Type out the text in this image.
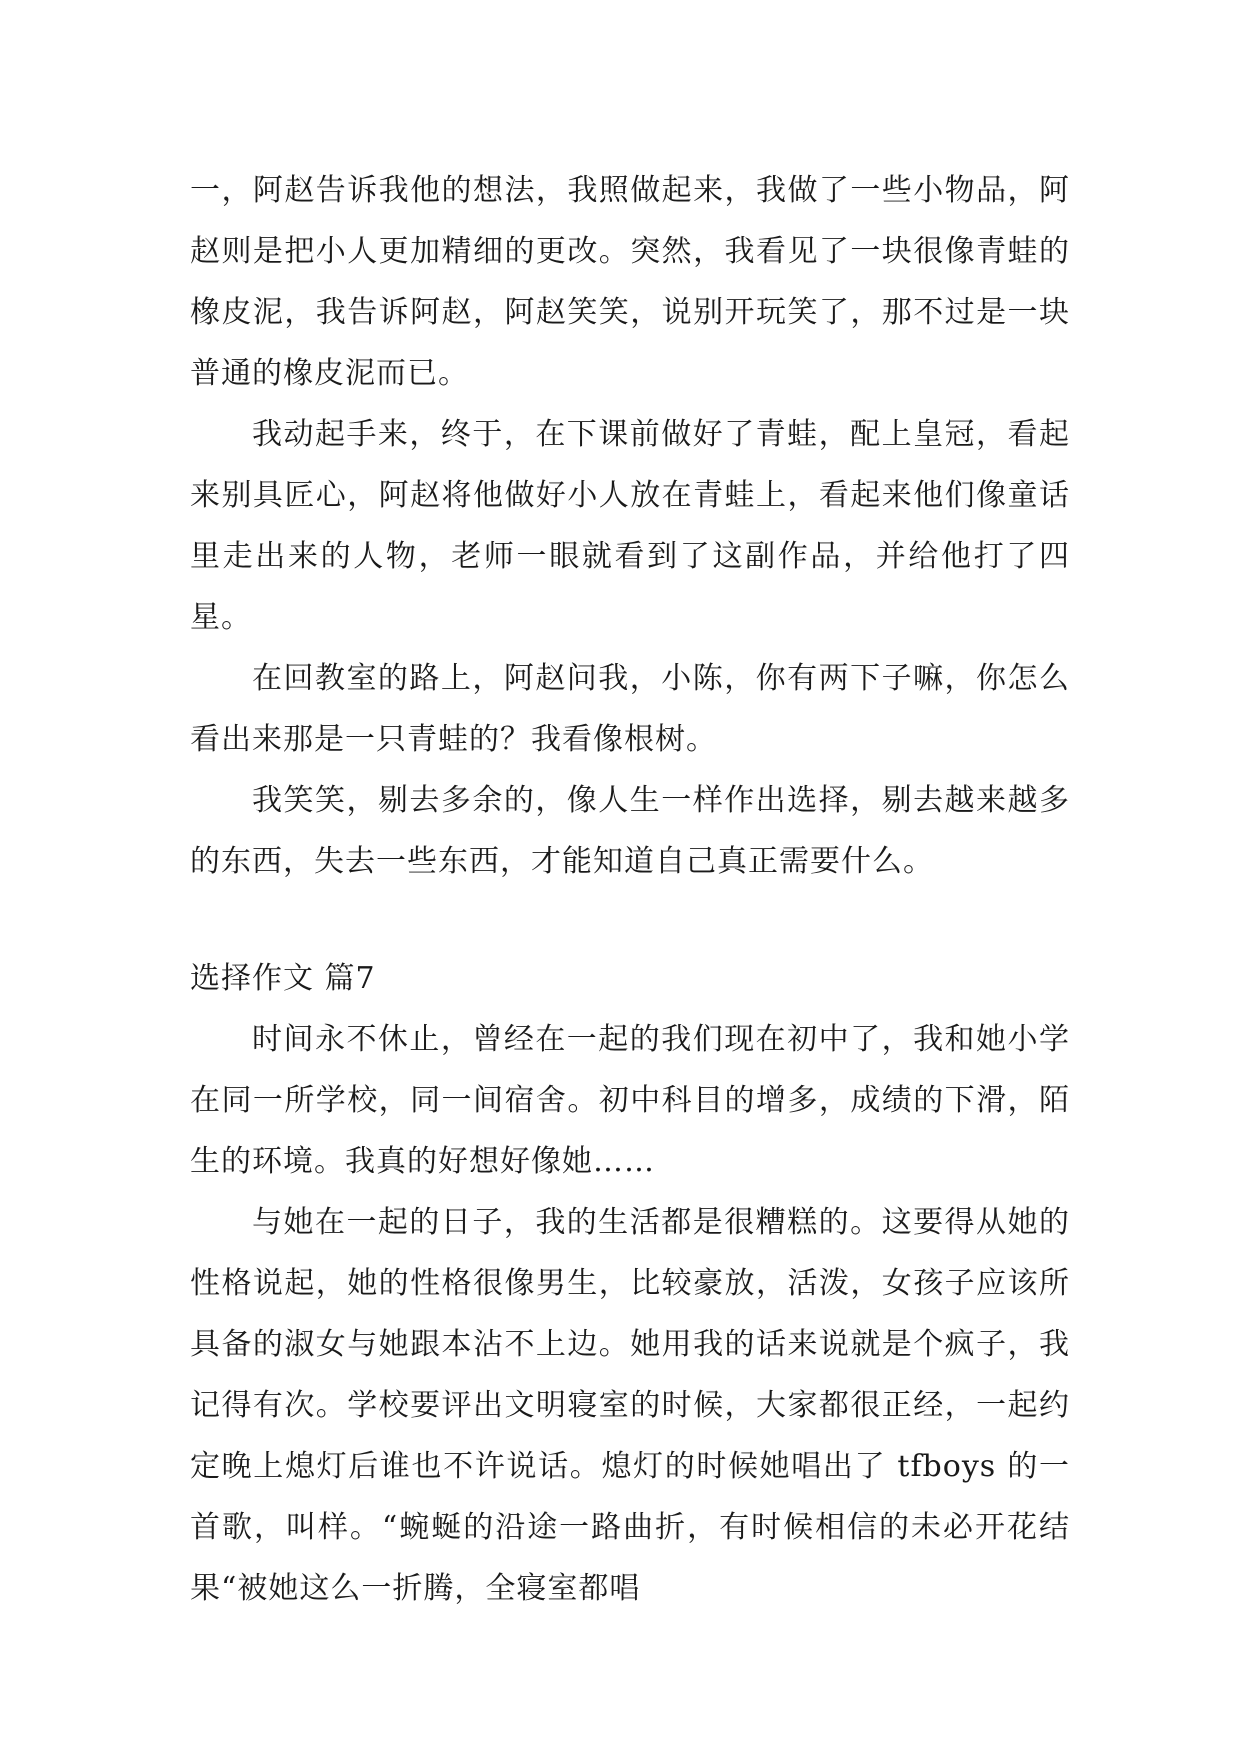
一，阿赵告诉我他的想法，我照做起来，我做了一些小物品，阿赵则是把小人更加精细的更改。突然，我看见了一块很像青蛙的橡皮泥，我告诉阿赵，阿赵笑笑，说别开玩笑了，那不过是一块普通的橡皮泥而已。

我动起手来，终于，在下课前做好了青蛙，配上皇冠，看起来别具匠心，阿赵将他做好小人放在青蛙上，看起来他们像童话里走出来的人物，老师一眼就看到了这副作品，并给他打了四星。

在回教室的路上，阿赵问我，小陈，你有两下子嘛，你怎么看出来那是一只青蛙的？我看像根树。

我笑笑，剔去多余的，像人生一样作出选择，剔去越来越多的东西，失去一些东西，才能知道自己真正需要什么。

选择作文 篇7

时间永不休止，曾经在一起的我们现在初中了，我和她小学在同一所学校，同一间宿舍。初中科目的增多，成绩的下滑，陌生的环境。我真的好想好像她……

与她在一起的日子，我的生活都是很糟糕的。这要得从她的性格说起，她的性格很像男生，比较豪放，活泼，女孩子应该所具备的淑女与她跟本沾不上边。她用我的话来说就是个疯子，我记得有次。学校要评出文明寝室的时候，大家都很正经，一起约定晚上熄灯后谁也不许说话。熄灯的时候她唱出了 tfboys 的一首歌，叫样。“蜿蜒的沿途一路曲折，有时候相信的未必开花结果“被她这么一折腾，全寝室都唱
